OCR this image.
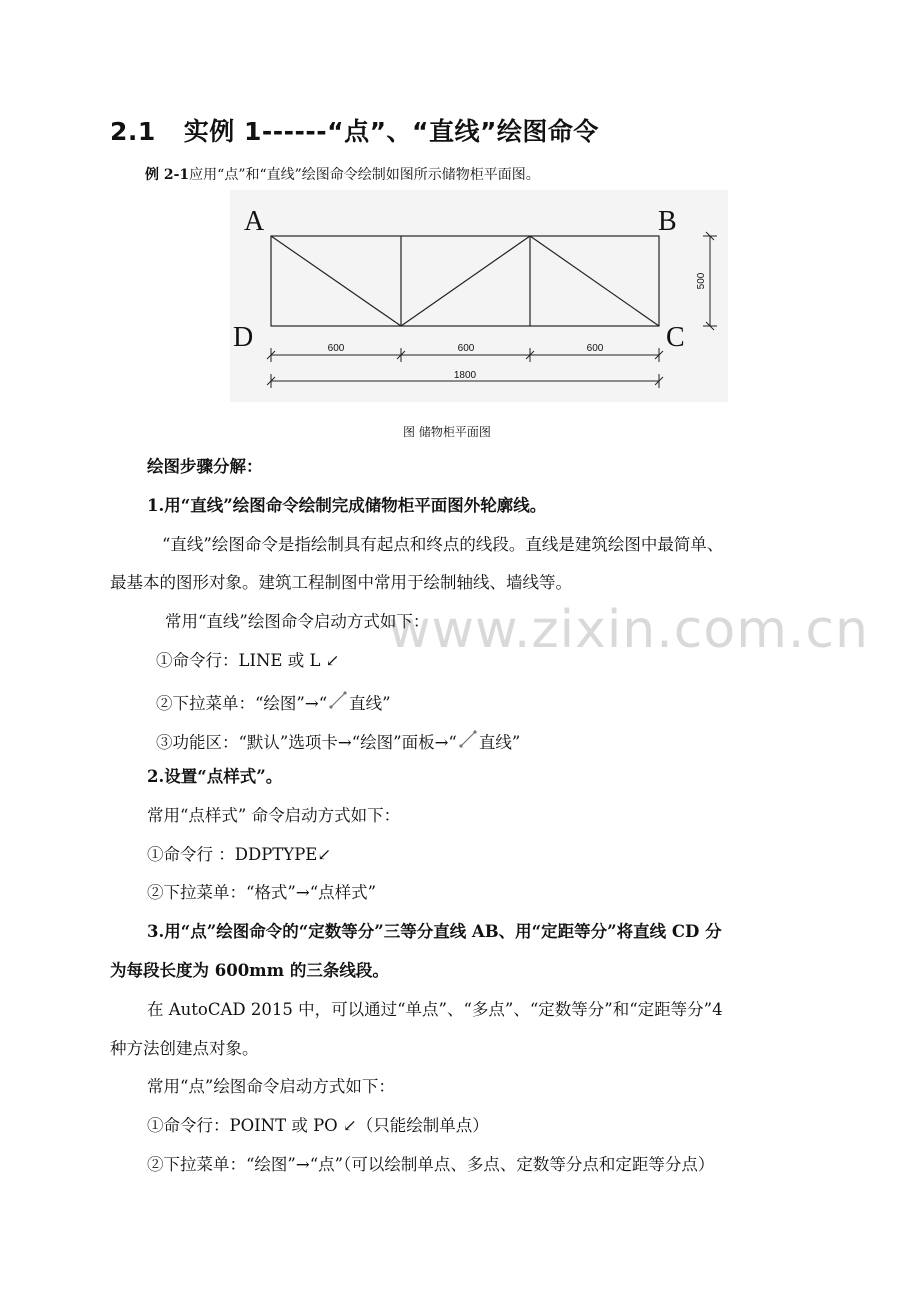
www.zixin.com.cn
2.1 实例 1------“点”、“直线”绘图命令
例 2-1应用“点”和“直线”绘图命令绘制如图所示储物柜平面图。
A	B
C
D	600	600	600
1800
500
图 储物柜平面图
绘图步骤分解：
1.用“直线”绘图命令绘制完成储物柜平面图外轮廓线。
“直线”绘图命令是指绘制具有起点和终点的线段。直线是建筑绘图中最简单、
最基本的图形对象。建筑工程制图中常用于绘制轴线、墙线等。
常用“直线”绘图命令启动方式如下：
①命令行：LINE 或 L ↙
②下拉菜单：“绘图”→“ 直线”
③功能区：“默认”选项卡→“绘图”面板→“ 直线”
2.设置“点样式”。
常用“点样式” 命令启动方式如下：
①命令行 ：DDPTYPE↙
②下拉菜单：“格式”→“点样式”
3.用“点”绘图命令的“定数等分”三等分直线 AB、用“定距等分”将直线 CD 分
为每段长度为 600mm 的三条线段。
在 AutoCAD 2015 中，可以通过“单点”、“多点”、“定数等分”和“定距等分”4
种方法创建点对象。
常用“点”绘图命令启动方式如下：
①命令行：POINT 或 PO ↙（只能绘制单点）
②下拉菜单：“绘图”→“点”（可以绘制单点、多点、定数等分点和定距等分点）
